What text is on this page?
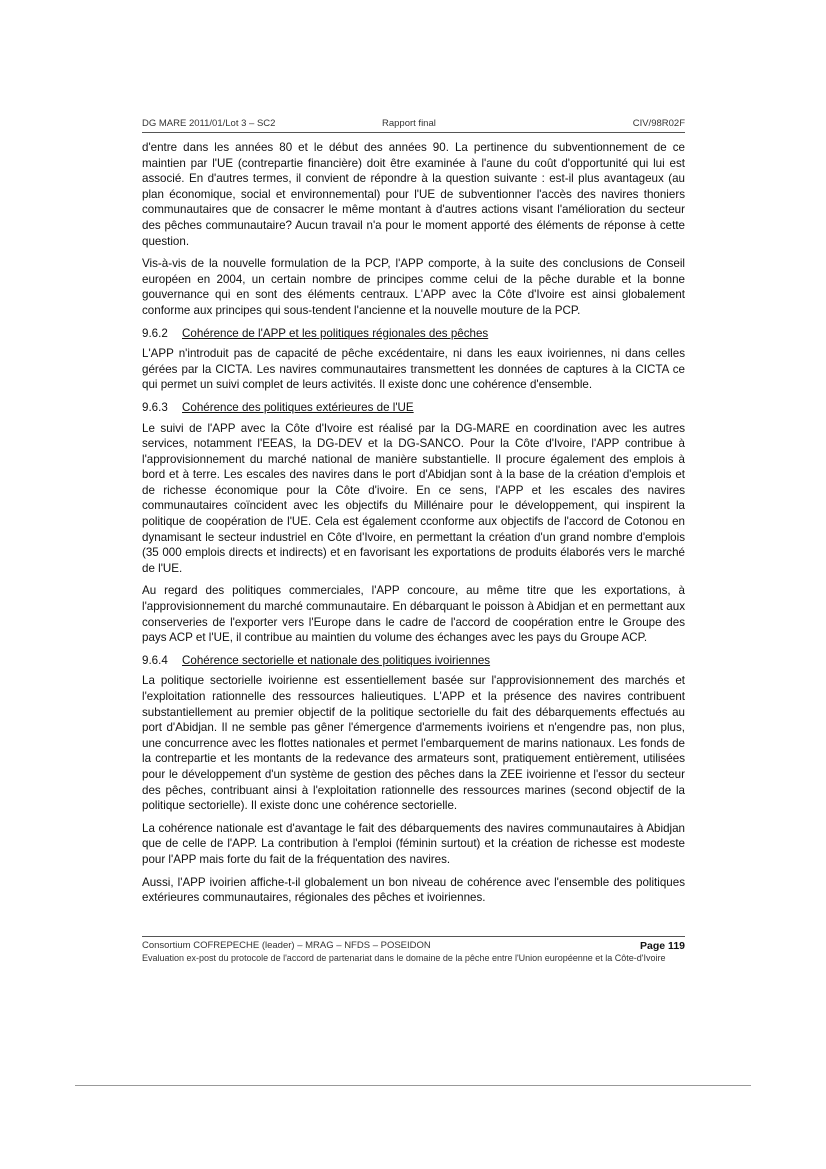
DG MARE 2011/01/Lot 3 – SC2	Rapport final	CIV/98R02F

d'entre dans les années 80 et le début des années 90. La pertinence du subventionnement de ce maintien par l'UE (contrepartie financière) doit être examinée à l'aune du coût d'opportunité qui lui est associé. En d'autres termes, il convient de répondre à la question suivante : est-il plus avantageux (au plan économique, social et environnemental) pour l'UE de subventionner l'accès des navires thoniers communautaires que de consacrer le même montant à d'autres actions visant l'amélioration du secteur des pêches communautaire? Aucun travail n'a pour le moment apporté des éléments de réponse à cette question.

Vis-à-vis de la nouvelle formulation de la PCP, l'APP comporte, à la suite des conclusions de Conseil européen en 2004, un certain nombre de principes comme celui de la pêche durable et la bonne gouvernance qui en sont des éléments centraux. L'APP avec la Côte d'Ivoire est ainsi globalement conforme aux principes qui sous-tendent l'ancienne et la nouvelle mouture de la PCP.

9.6.2 Cohérence de l'APP et les politiques régionales des pêches

L'APP n'introduit pas de capacité de pêche excédentaire, ni dans les eaux ivoiriennes, ni dans celles gérées par la CICTA. Les navires communautaires transmettent les données de captures à la CICTA ce qui permet un suivi complet de leurs activités. Il existe donc une cohérence d'ensemble.

9.6.3 Cohérence des politiques extérieures de l'UE

Le suivi de l'APP avec la Côte d'Ivoire est réalisé par la DG-MARE en coordination avec les autres services, notamment l'EEAS, la DG-DEV et la DG-SANCO. Pour la Côte d'Ivoire, l'APP contribue à l'approvisionnement du marché national de manière substantielle. Il procure également des emplois à bord et à terre. Les escales des navires dans le port d'Abidjan sont à la base de la création d'emplois et de richesse économique pour la Côte d'ivoire. En ce sens, l'APP et les escales des navires communautaires coïncident avec les objectifs du Millénaire pour le développement, qui inspirent la politique de coopération de l'UE. Cela est également cconforme aux objectifs de l'accord de Cotonou en dynamisant le secteur industriel en Côte d'Ivoire, en permettant la création d'un grand nombre d'emplois (35 000 emplois directs et indirects) et en favorisant les exportations de produits élaborés vers le marché de l'UE.

Au regard des politiques commerciales, l'APP concoure, au même titre que les exportations, à l'approvisionnement du marché communautaire. En débarquant le poisson à Abidjan et en permettant aux conserveries de l'exporter vers l'Europe dans le cadre de l'accord de coopération entre le Groupe des pays ACP et l'UE, il contribue au maintien du volume des échanges avec les pays du Groupe ACP.

9.6.4 Cohérence sectorielle et nationale des politiques ivoiriennes

La politique sectorielle ivoirienne est essentiellement basée sur l'approvisionnement des marchés et l'exploitation rationnelle des ressources halieutiques. L'APP et la présence des navires contribuent substantiellement au premier objectif de la politique sectorielle du fait des débarquements effectués au port d'Abidjan. Il ne semble pas gêner l'émergence d'armements ivoiriens et n'engendre pas, non plus, une concurrence avec les flottes nationales et permet l'embarquement de marins nationaux. Les fonds de la contrepartie et les montants de la redevance des armateurs sont, pratiquement entièrement, utilisées pour le développement d'un système de gestion des pêches dans la ZEE ivoirienne et l'essor du secteur des pêches, contribuant ainsi à l'exploitation rationnelle des ressources marines (second objectif de la politique sectorielle). Il existe donc une cohérence sectorielle.

La cohérence nationale est d'avantage le fait des débarquements des navires communautaires à Abidjan que de celle de l'APP. La contribution à l'emploi (féminin surtout) et la création de richesse est modeste pour l'APP mais forte du fait de la fréquentation des navires.

Aussi, l'APP ivoirien affiche-t-il globalement un bon niveau de cohérence avec l'ensemble des politiques extérieures communautaires, régionales des pêches et ivoiriennes.

Consortium COFREPECHE (leader) – MRAG – NFDS – POSEIDON	Page 119
Evaluation ex-post du protocole de l'accord de partenariat dans le domaine de la pêche entre l'Union européenne et la Côte-d'Ivoire
